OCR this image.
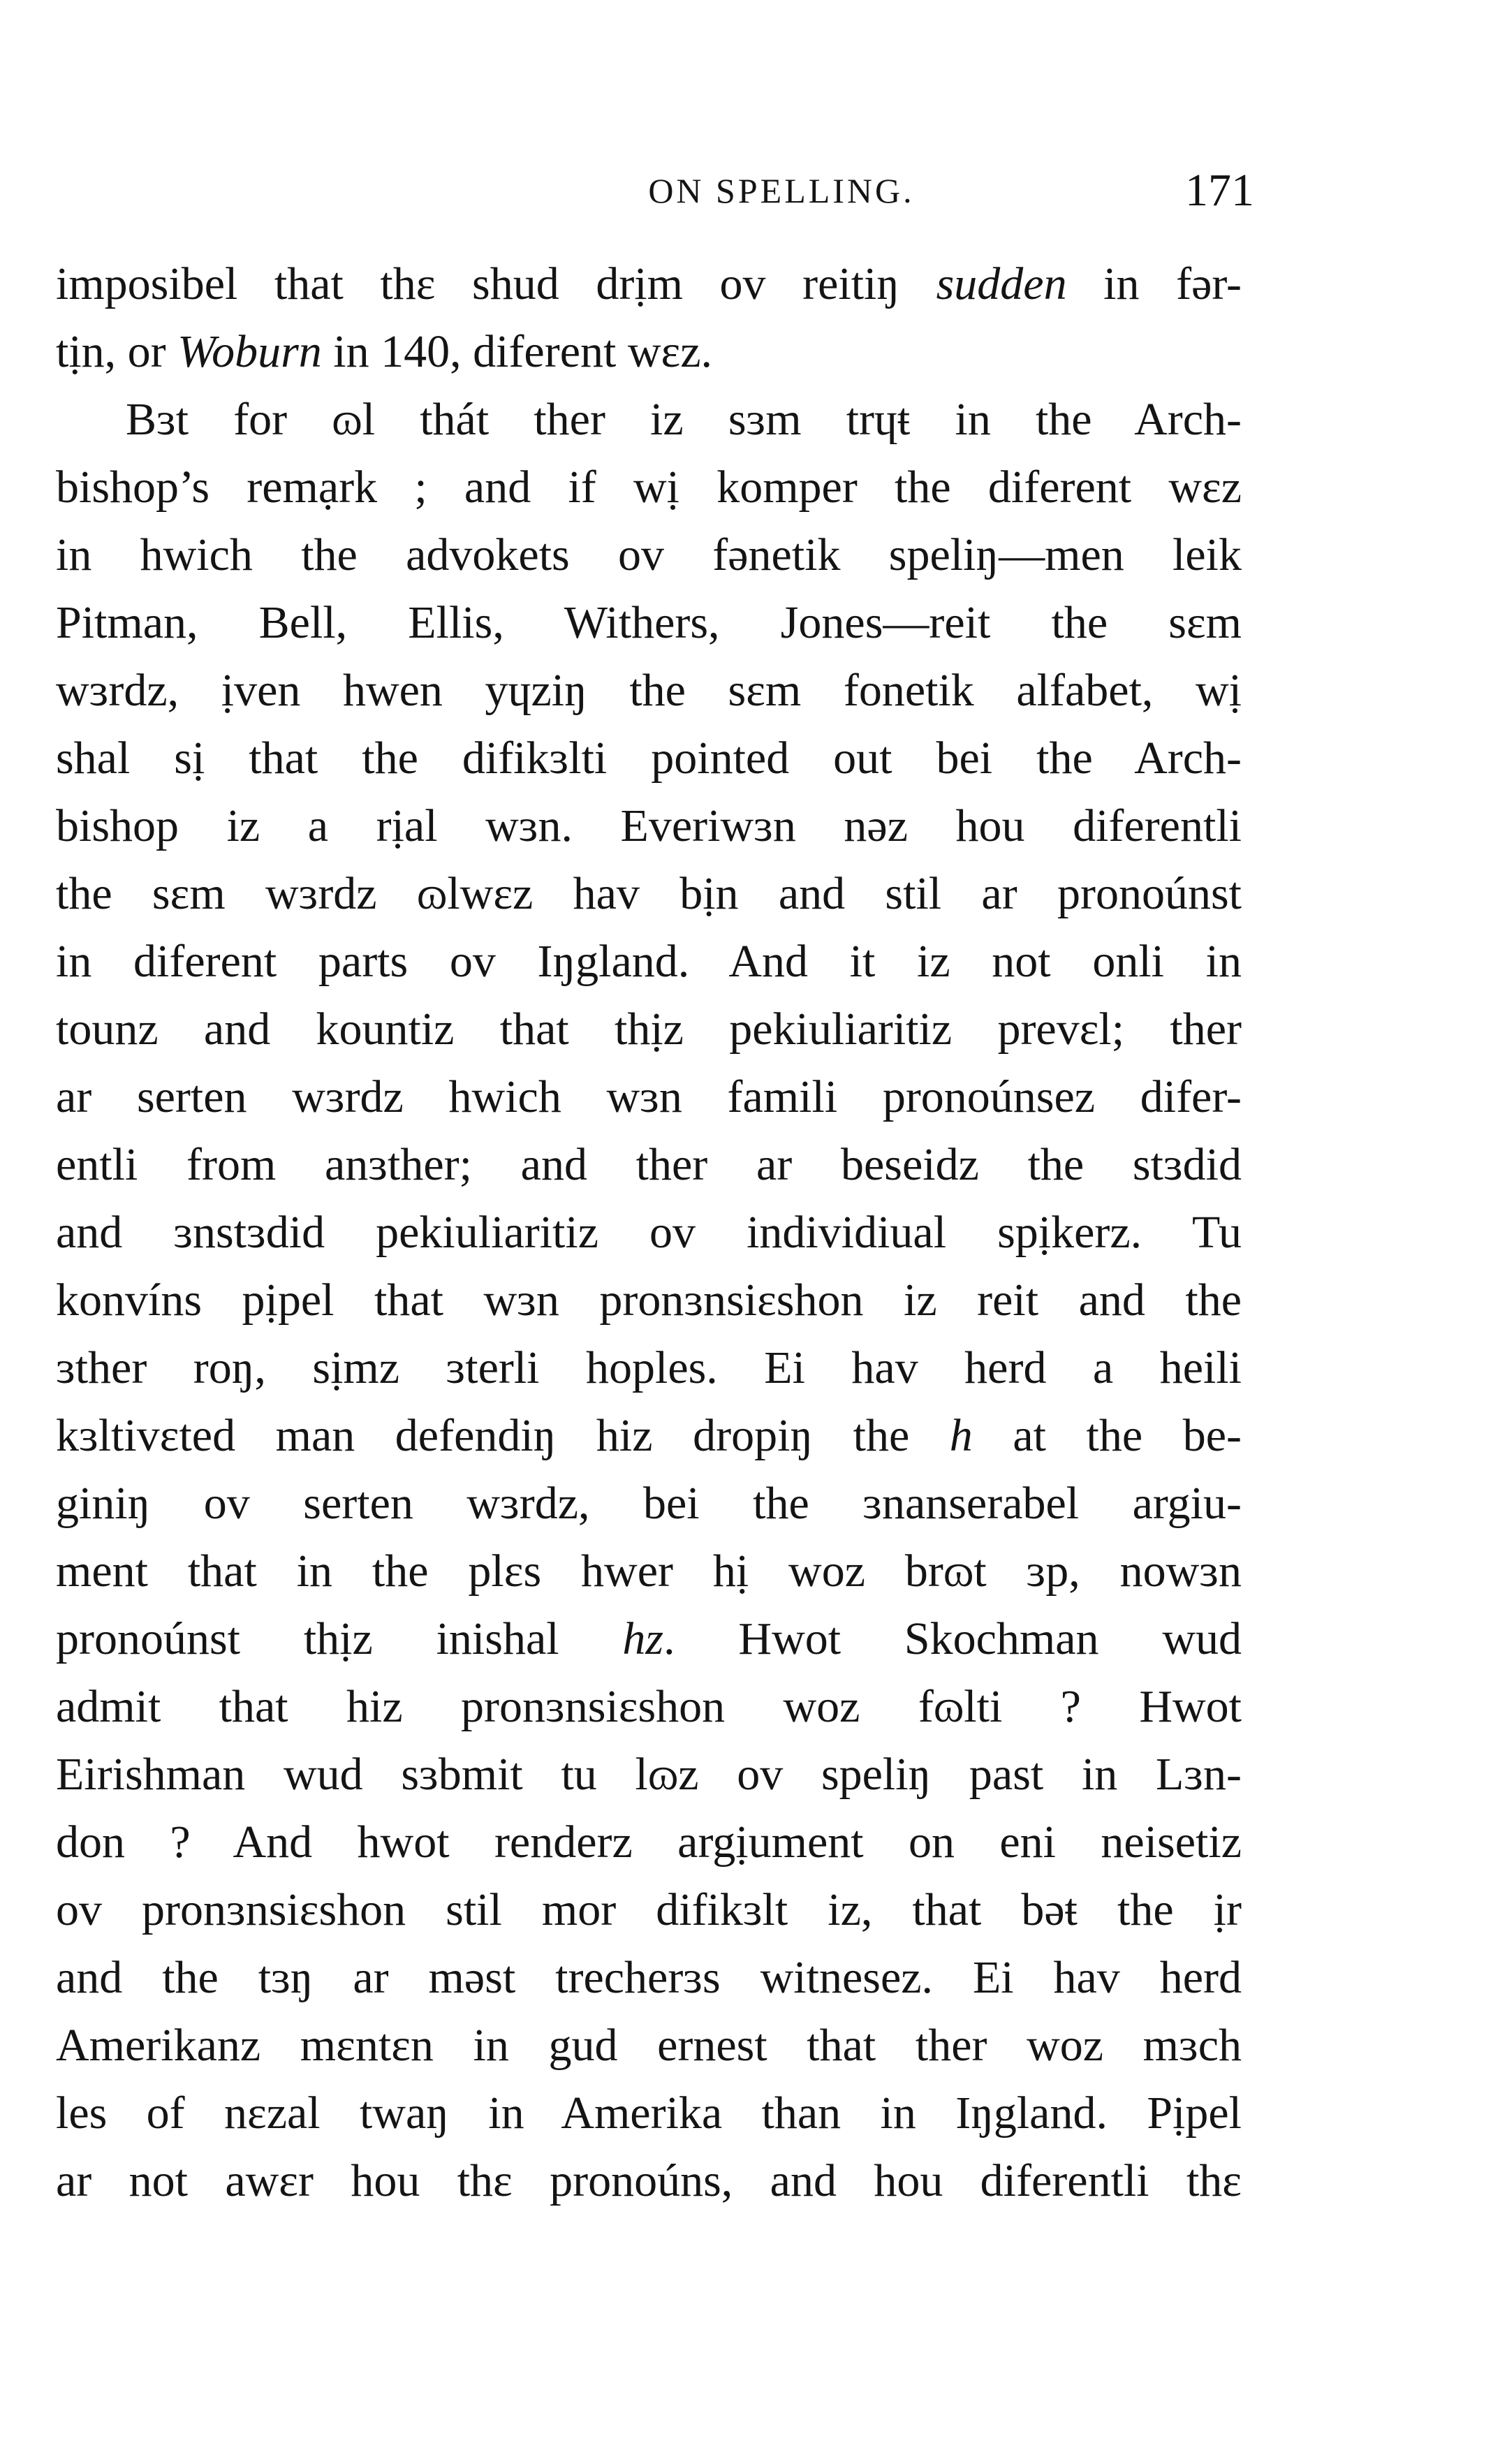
ON SPELLING.	171
imposibel that thɛ shud drịm ov reitiŋ sudden in fər-
tịn, or Woburn in 140, diferent wɛz.
Bɜt for ɷl thát ther iz sɜm trɥŧ in the Arch-
bishop’s remạrk ; and if wị komper the diferent wɛz
in hwich the advokets ov fənetik speliŋ—men leik
Pitman, Bell, Ellis, Withers, Jones—reit the sɛm
wɜrdz, ịven hwen yɥziŋ the sɛm fonetik alfabet, wị
shal sị that the difikɜlti pointed out bei the Arch-
bishop iz a rịal wɜn. Everiwɜn nəz hou diferentli
the sɛm wɜrdz ɷlwɛz hav bịn and stil ar pronoúnst
in diferent parts ov Iŋgland. And it iz not onli in
tounz and kountiz that thịz pekiuliaritiz prevɛl; ther
ar serten wɜrdz hwich wɜn famili pronoúnsez difer-
entli from anɜther; and ther ar beseidz the stɜdid
and ɜnstɜdid pekiuliaritiz ov individiual spịkerz. Tu
konvíns pịpel that wɜn pronɜnsiɛshon iz reit and the
ɜther roŋ, sịmz ɜterli hoples. Ei hav herd a heili
kɜltivɛted man defendiŋ hiz dropiŋ the h at the be-
giniŋ ov serten wɜrdz, bei the ɜnanserabel argiu-
ment that in the plɛs hwer hị woz brɷt ɜp, nowɜn
pronoúnst thịz inishal hz. Hwot Skochman wud
admit that hiz pronɜnsiɛshon woz fɷlti ? Hwot
Eirishman wud sɜbmit tu lɷz ov speliŋ past in Lɜn-
don ? And hwot renderz argịument on eni neisetiz
ov pronɜnsiɛshon stil mor difikɜlt iz, that bəŧ the ịr
and the tɜŋ ar məst trecherɜs witnesez. Ei hav herd
Amerikanz mɛntɛn in gud ernest that ther woz mɜch
les of nɛzal twaŋ in Amerika than in Iŋgland. Pịpel
ar not awɛr hou thɛ pronoúns, and hou diferentli thɛ
